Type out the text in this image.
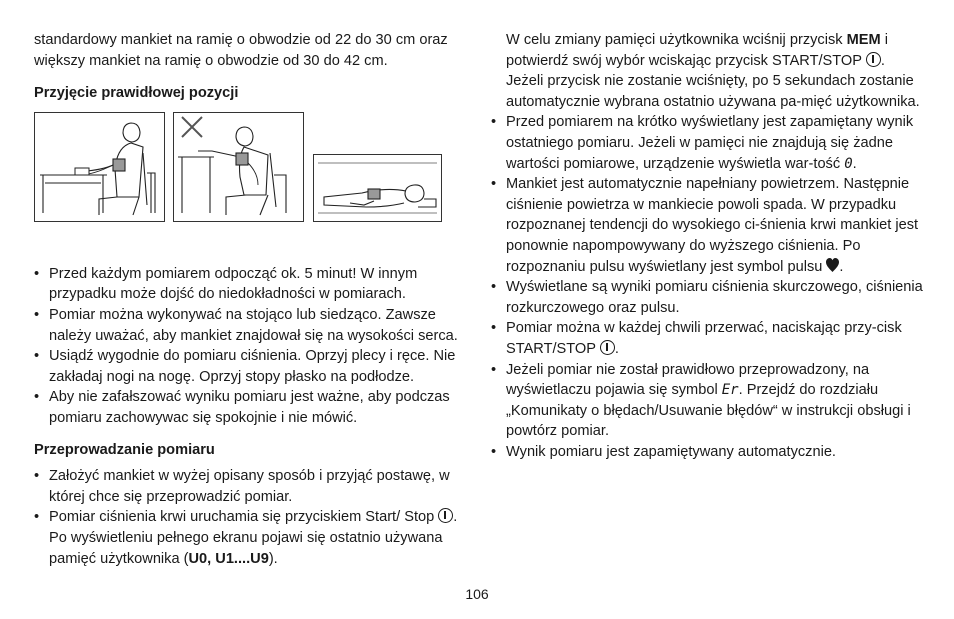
standardowy mankiet na ramię o obwodzie od 22 do 30 cm oraz większy mankiet na ramię o obwodzie od 30 do 42 cm.

Przyjęcie prawidłowej pozycji
• Przed każdym pomiarem odpocząć ok. 5 minut! W innym przypadku może dojść do niedokładności w pomiarach.
• Pomiar można wykonywać na stojąco lub siedząco. Zawsze należy uważać, aby mankiet znajdował się na wysokości serca.
• Usiądź wygodnie do pomiaru ciśnienia. Oprzyj plecy i ręce. Nie zakładaj nogi na nogę. Oprzyj stopy płasko na podłodze.
• Aby nie zafałszować wyniku pomiaru jest ważne, aby podczas pomiaru zachowywac się spokojnie i nie mówić.
Przeprowadzanie pomiaru
• Założyć mankiet w wyżej opisany sposób i przyjąć postawę, w której chce się przeprowadzić pomiar.
• Pomiar ciśnienia krwi uruchamia się przyciskiem Start/ Stop . Po wyświetleniu pełnego ekranu pojawi się ostatnio używana pamięć użytkownika (U0, U1....U9).

W celu zmiany pamięci użytkownika wciśnij przycisk MEM i potwierdź swój wybór wciskając przycisk START/STOP . Jeżeli przycisk nie zostanie wciśnięty, po 5 sekundach zostanie automatycznie wybrana ostatnio używana pa-mięć użytkownika.

• Przed pomiarem na krótko wyświetlany jest zapamiętany wynik ostatniego pomiaru. Jeżeli w pamięci nie znajdują się żadne wartości pomiarowe, urządzenie wyświetla war-tość 0.
• Mankiet jest automatycznie napełniany powietrzem. Następnie ciśnienie powietrza w mankiecie powoli spada. W przypadku rozpoznanej tendencji do wysokiego ci-śnienia krwi mankiet jest ponownie napompowywany do wyższego ciśnienia. Po rozpoznaniu pulsu wyświetlany jest symbol pulsu .
• Wyświetlane są wyniki pomiaru ciśnienia skurczowego, ciśnienia rozkurczowego oraz pulsu.
• Pomiar można w każdej chwili przerwać, naciskając przy-cisk START/STOP .
• Jeżeli pomiar nie został prawidłowo przeprowadzony, na wyświetlaczu pojawia się symbol Er. Przejdź do rozdziału „Komunikaty o błędach/Usuwanie błędów“ w instrukcji obsługi i powtórz pomiar.
• Wynik pomiaru jest zapamiętywany automatycznie.
106
